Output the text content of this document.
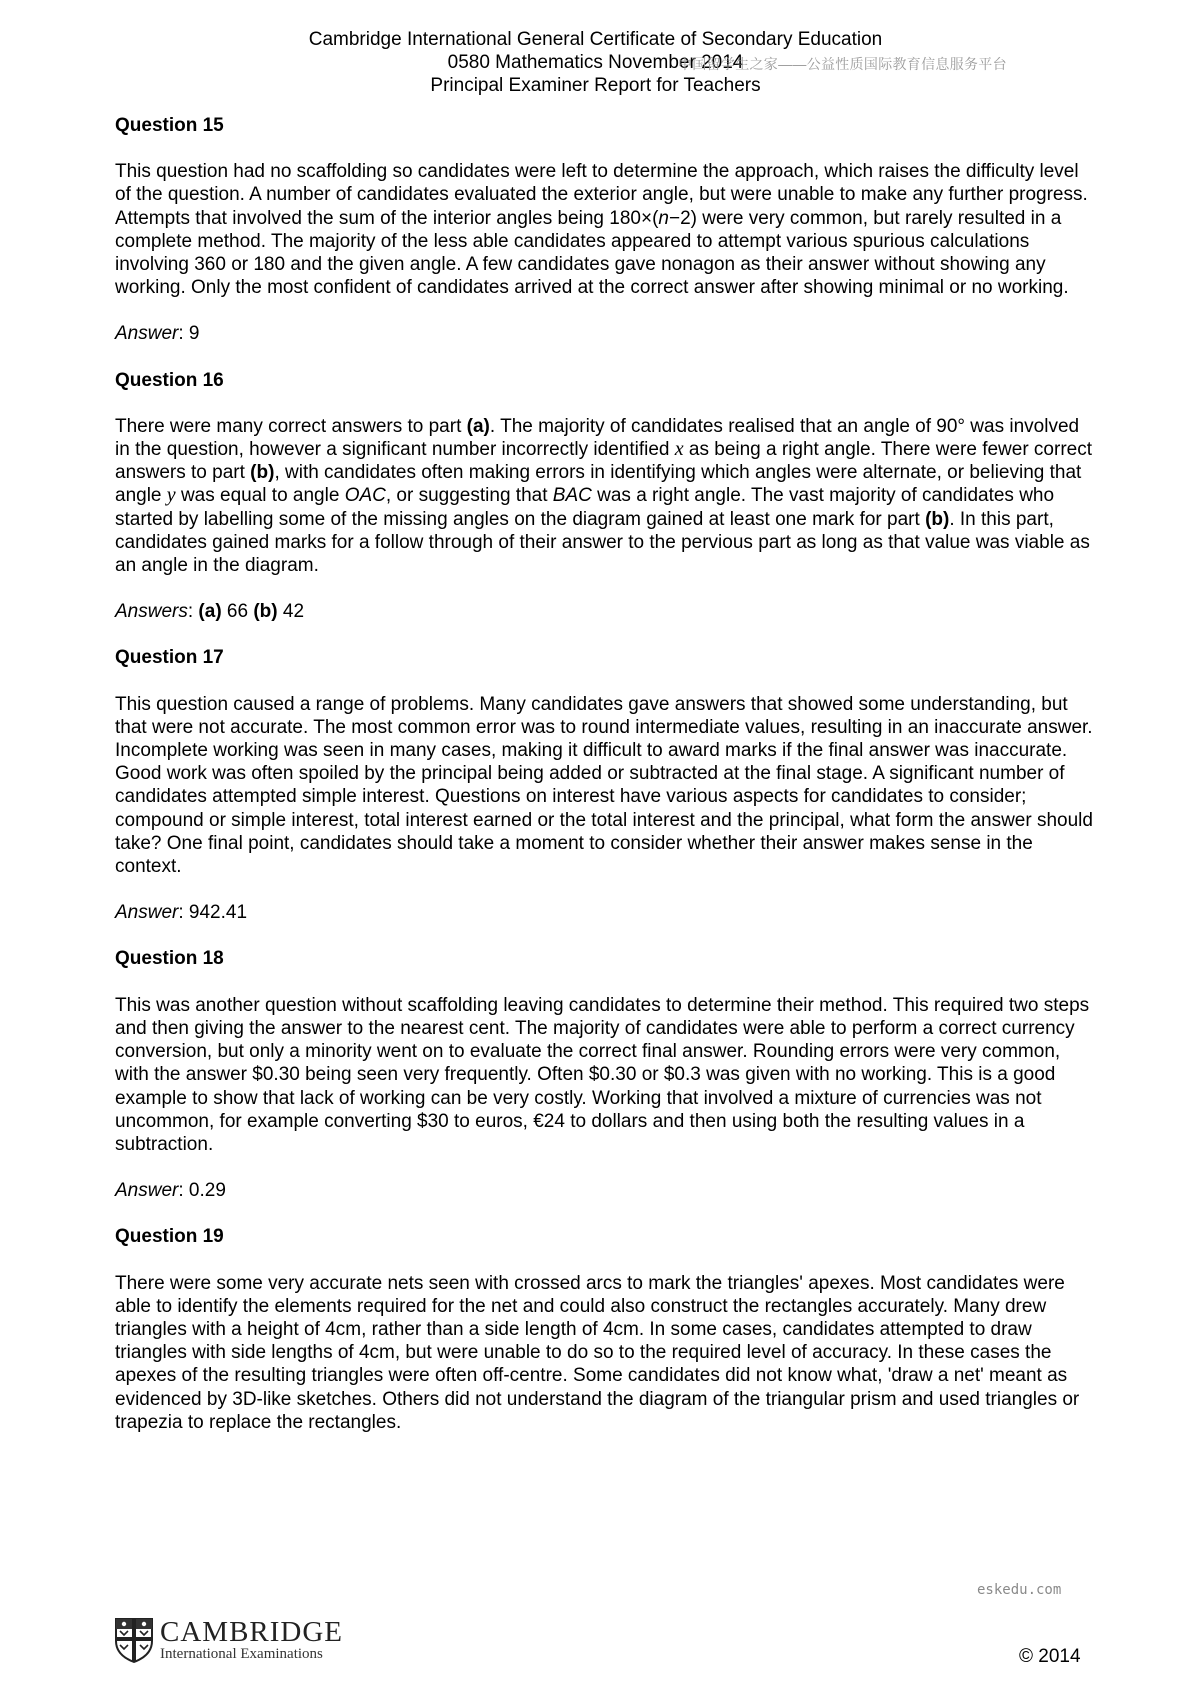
Cambridge International General Certificate of Secondary Education
0580 Mathematics November 2014
Principal Examiner Report for Teachers
中国留学生之家——公益性质国际教育信息服务平台
Question 15
This question had no scaffolding so candidates were left to determine the approach, which raises the difficulty level of the question. A number of candidates evaluated the exterior angle, but were unable to make any further progress. Attempts that involved the sum of the interior angles being 180×(n−2) were very common, but rarely resulted in a complete method. The majority of the less able candidates appeared to attempt various spurious calculations involving 360 or 180 and the given angle. A few candidates gave nonagon as their answer without showing any working. Only the most confident of candidates arrived at the correct answer after showing minimal or no working.
Answer: 9
Question 16
There were many correct answers to part (a). The majority of candidates realised that an angle of 90° was involved in the question, however a significant number incorrectly identified x as being a right angle. There were fewer correct answers to part (b), with candidates often making errors in identifying which angles were alternate, or believing that angle y was equal to angle OAC, or suggesting that BAC was a right angle. The vast majority of candidates who started by labelling some of the missing angles on the diagram gained at least one mark for part (b). In this part, candidates gained marks for a follow through of their answer to the pervious part as long as that value was viable as an angle in the diagram.
Answers: (a) 66 (b) 42
Question 17
This question caused a range of problems. Many candidates gave answers that showed some understanding, but that were not accurate. The most common error was to round intermediate values, resulting in an inaccurate answer. Incomplete working was seen in many cases, making it difficult to award marks if the final answer was inaccurate. Good work was often spoiled by the principal being added or subtracted at the final stage. A significant number of candidates attempted simple interest. Questions on interest have various aspects for candidates to consider; compound or simple interest, total interest earned or the total interest and the principal, what form the answer should take? One final point, candidates should take a moment to consider whether their answer makes sense in the context.
Answer: 942.41
Question 18
This was another question without scaffolding leaving candidates to determine their method. This required two steps and then giving the answer to the nearest cent. The majority of candidates were able to perform a correct currency conversion, but only a minority went on to evaluate the correct final answer. Rounding errors were very common, with the answer $0.30 being seen very frequently. Often $0.30 or $0.3 was given with no working. This is a good example to show that lack of working can be very costly. Working that involved a mixture of currencies was not uncommon, for example converting $30 to euros, €24 to dollars and then using both the resulting values in a subtraction.
Answer: 0.29
Question 19
There were some very accurate nets seen with crossed arcs to mark the triangles' apexes. Most candidates were able to identify the elements required for the net and could also construct the rectangles accurately. Many drew triangles with a height of 4cm, rather than a side length of 4cm. In some cases, candidates attempted to draw triangles with side lengths of 4cm, but were unable to do so to the required level of accuracy. In these cases the apexes of the resulting triangles were often off-centre. Some candidates did not know what, 'draw a net' meant as evidenced by 3D-like sketches. Others did not understand the diagram of the triangular prism and used triangles or trapezia to replace the rectangles.
eskedu.com
CAMBRIDGE
International Examinations	© 2014
